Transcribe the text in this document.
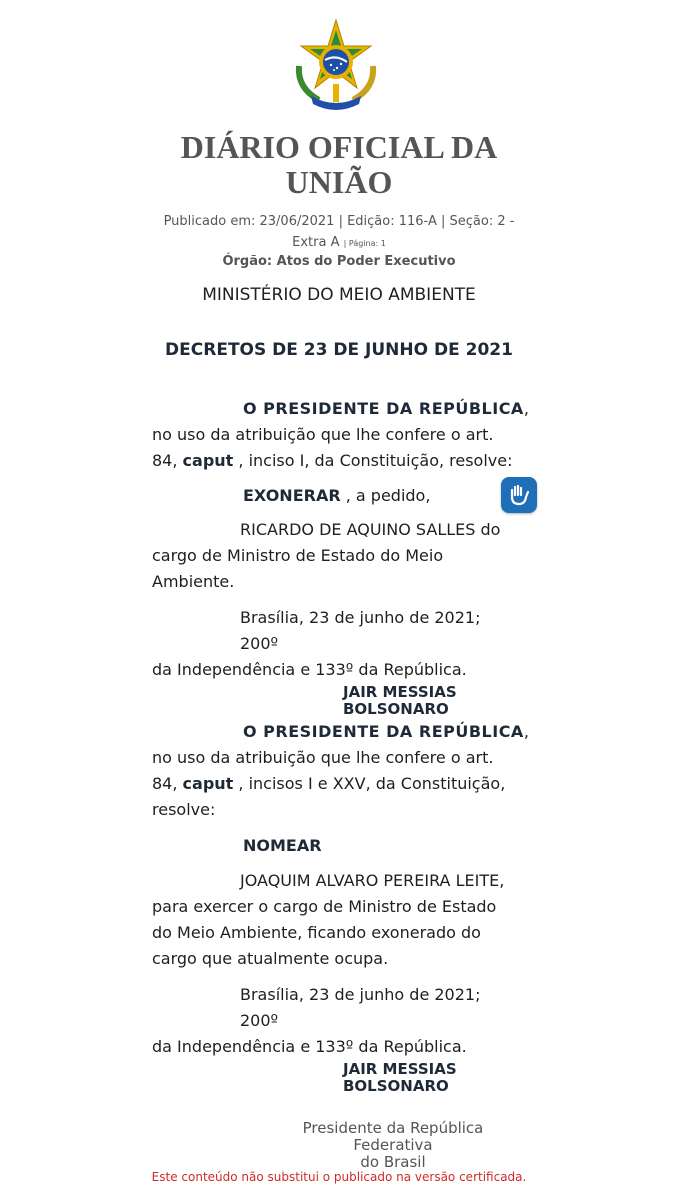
DIÁRIO OFICIAL DA
UNIÃO
Publicado em: 23/06/2021 | Edição: 116-A | Seção: 2 -
Extra A | Página: 1
Órgão: Atos do Poder Executivo
MINISTÉRIO DO MEIO AMBIENTE
DECRETOS DE 23 DE JUNHO DE 2021
O PRESIDENTE DA REPÚBLICA,
no uso da atribuição que lhe confere o art.
84, caput , inciso I, da Constituição, resolve:
EXONERAR , a pedido,
RICARDO DE AQUINO SALLES do
cargo de Ministro de Estado do Meio
Ambiente.
Brasília, 23 de junho de 2021; 200º
da Independência e 133º da República.
JAIR MESSIAS
BOLSONARO
O PRESIDENTE DA REPÚBLICA,
no uso da atribuição que lhe confere o art.
84, caput , incisos I e XXV, da Constituição,
resolve:
NOMEAR
JOAQUIM ALVARO PEREIRA LEITE,
para exercer o cargo de Ministro de Estado
do Meio Ambiente, ficando exonerado do
cargo que atualmente ocupa.
Brasília, 23 de junho de 2021; 200º
da Independência e 133º da República.
JAIR MESSIAS
BOLSONARO
Presidente da República Federativa
do Brasil
Este conteúdo não substitui o publicado na versão certificada.
